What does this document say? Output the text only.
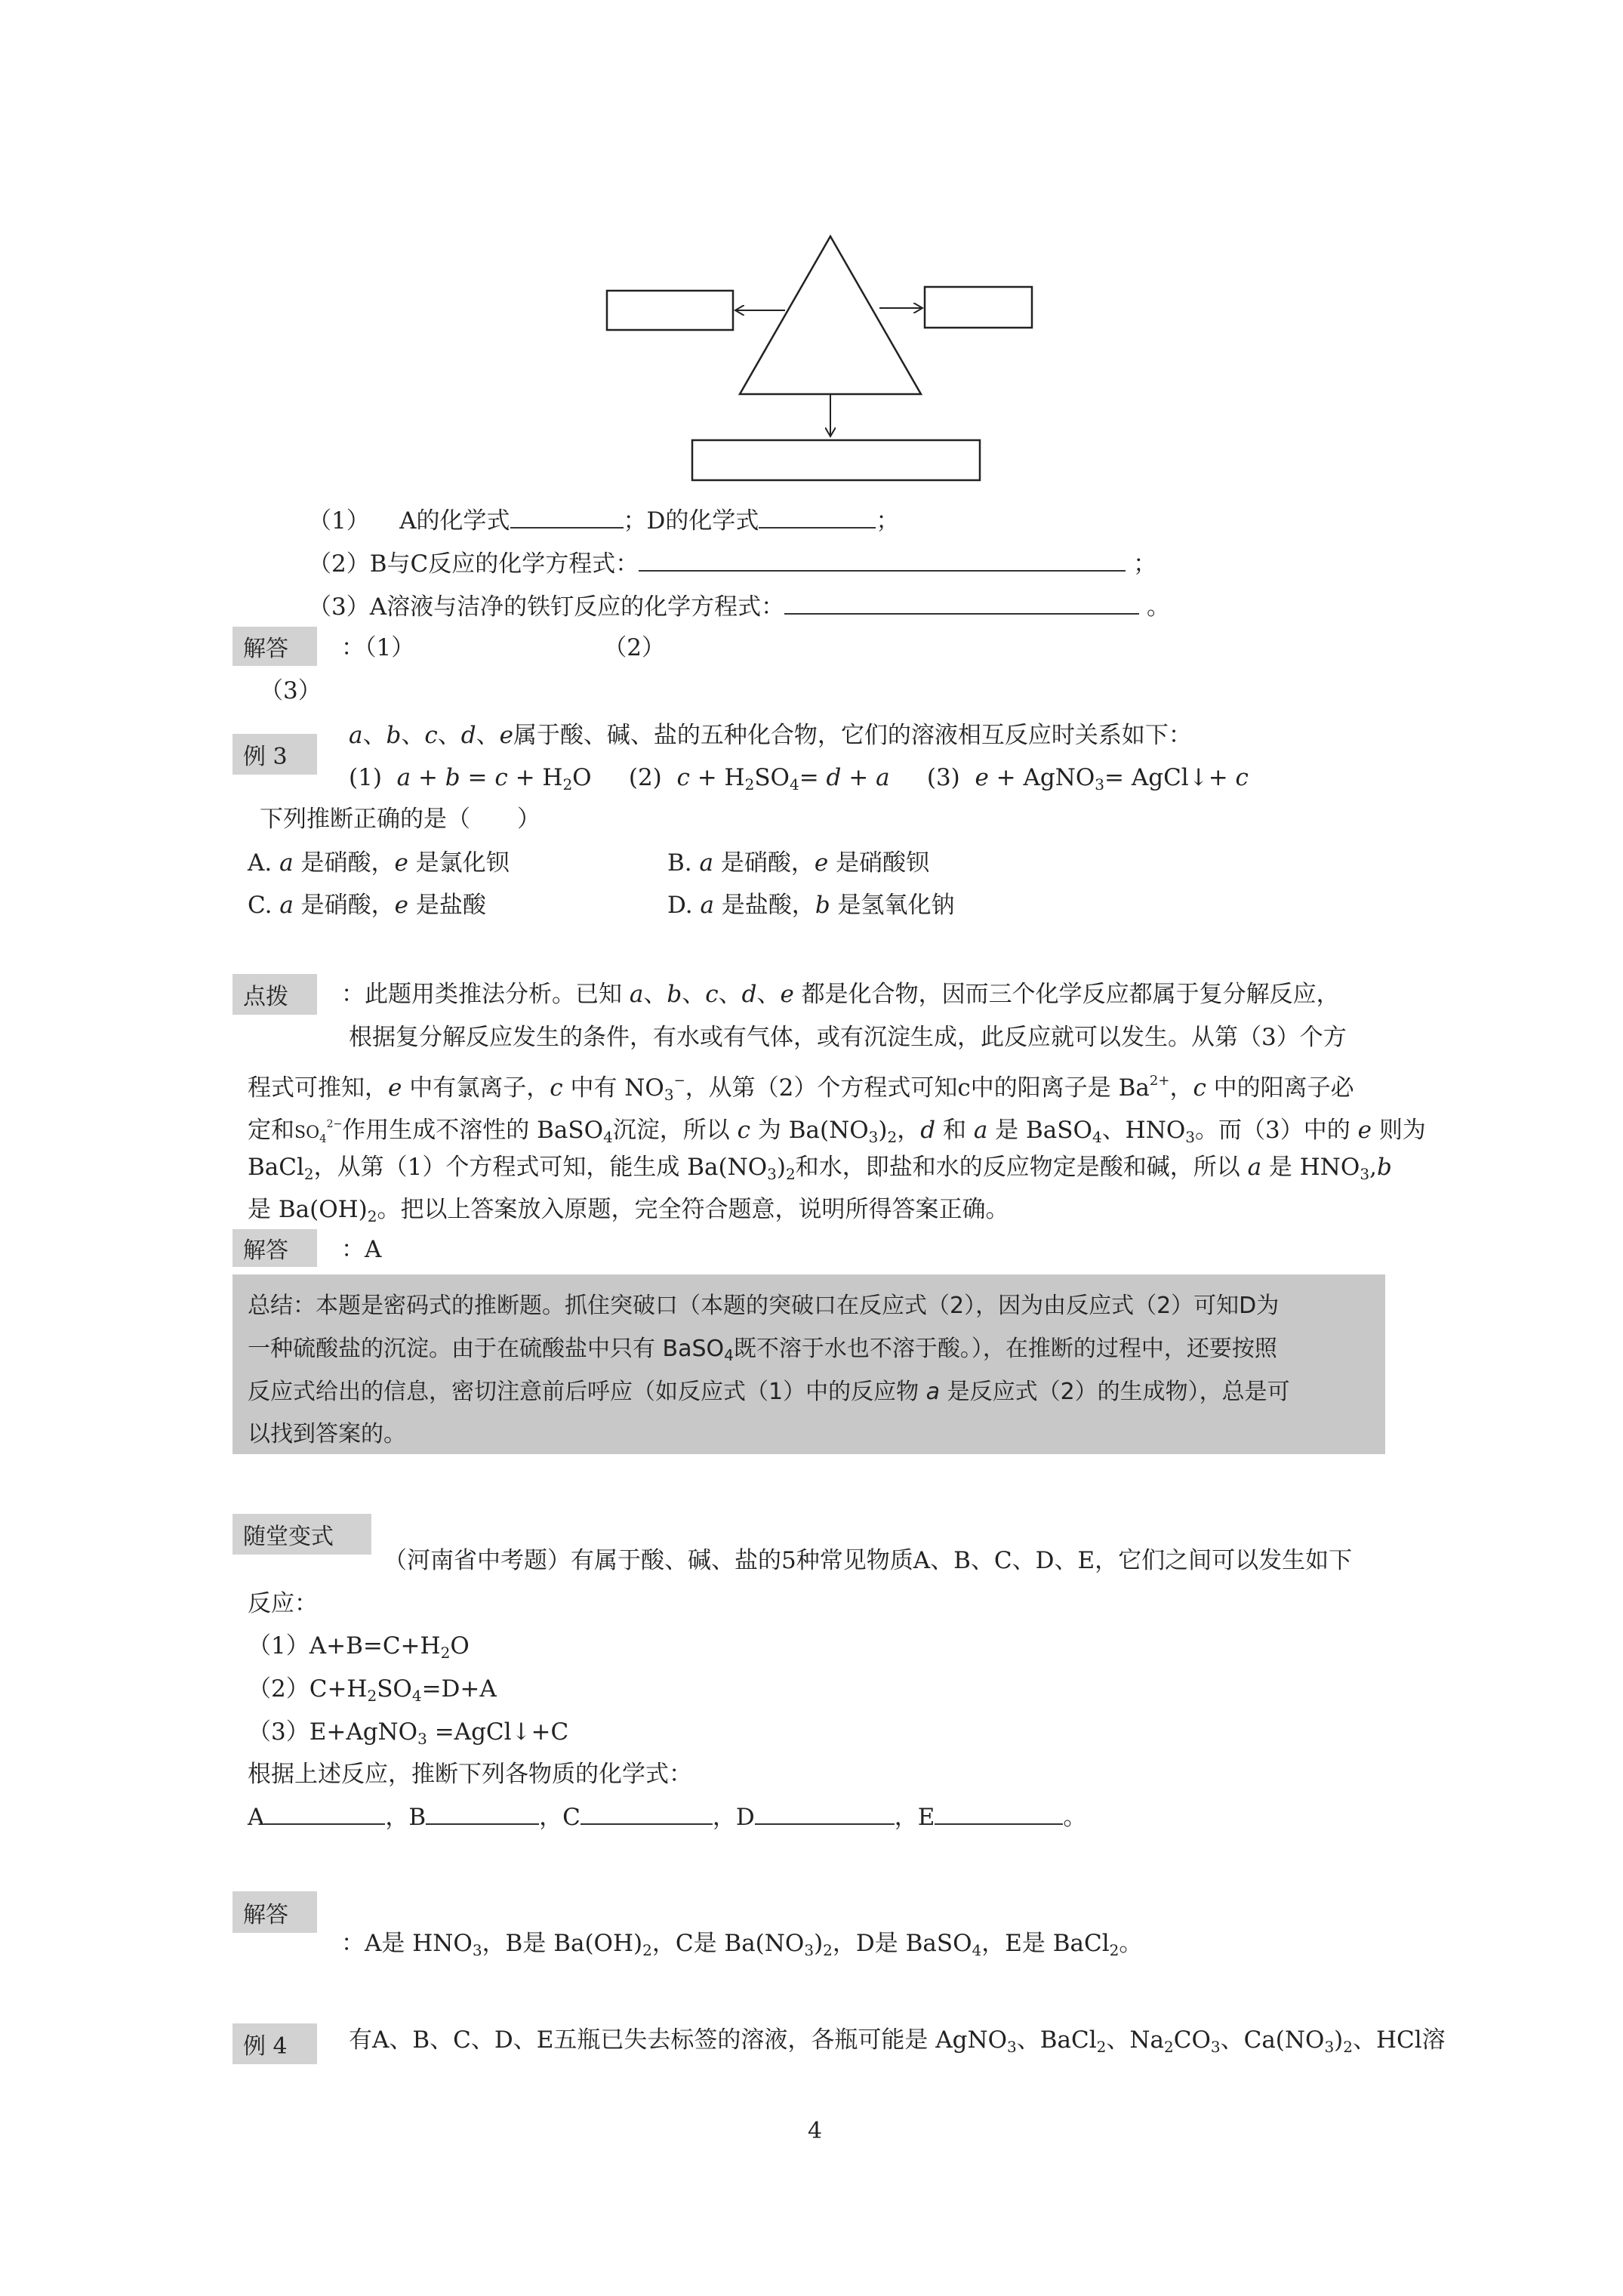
（1） A的化学式	；D的化学式	；
（2）B与C反应的化学方程式：	；
（3）A溶液与洁净的铁钉反应的化学方程式：	。
解答	：（1）	（2）
（3）
例 3
a、b、c、d、e属于酸、碱、盐的五种化合物，它们的溶液相互反应时关系如下：
(1)  $a + b = c + H_2O$     (2)  $c + H_2SO_4= d + a$     (3)  e + AgNO$_3$= AgCl↓+ c
下列推断正确的是（　　）
A. a 是硝酸，e 是氯化钡	B. a 是硝酸，e 是硝酸钡
C. a 是硝酸，e 是盐酸	D. a 是盐酸，b 是氢氧化钠
点拨	：此题用类推法分析。已知 a、b、c、d、e 都是化合物，因而三个化学反应都属于复分解反应，
根据复分解反应发生的条件，有水或有气体，或有沉淀生成，此反应就可以发生。从第（3）个方
程式可推知，e 中有氯离子，c 中有 $NO_3^-$，从第（2）个方程式可知c中的阳离子是 $Ba^{2+}$，c 中的阳离子必
定和$SO_4^{2-}$作用生成不溶性的 BaSO$_4$沉淀，所以 c 为 $Ba(NO_3)_2$，d 和 a 是 BaSO$_4$、$HNO_3$。而（3）中的 e 则为
BaCl$_2$，从第（1）个方程式可知，能生成 $Ba(NO_3)_2$和水，即盐和水的反应物定是酸和碱，所以 a 是 $HNO_3,b$
是 $Ba(OH)_2$。把以上答案放入原题，完全符合题意，说明所得答案正确。
解答	：A
总结：本题是密码式的推断题。抓住突破口（本题的突破口在反应式（2），因为由反应式（2）可知D为
一种硫酸盐的沉淀。由于在硫酸盐中只有 BaSO$_4$既不溶于水也不溶于酸。），在推断的过程中，还要按照
反应式给出的信息，密切注意前后呼应（如反应式（1）中的反应物 a 是反应式（2）的生成物），总是可
以找到答案的。
随堂变式
（河南省中考题）有属于酸、碱、盐的5种常见物质A、B、C、D、E，它们之间可以发生如下
反应：
$(1)A+B=C+H_2O$
$(2)C+H_2SO_4=D+A$
（3）E+AgNO$_3$ =AgCl↓+C
根据上述反应，推断下列各物质的化学式：
A	，B	，C	，D	，E	。
解答
：A是 $HNO_3$，B是 $Ba(OH)_2$，C是 $Ba(NO_3)_2$，D是 BaSO$_4$，E是 BaCl$_2$。
例 4	有A、B、C、D、E五瓶已失去标签的溶液，各瓶可能是 AgNO$_3$、BaCl$_2$、$Na_2CO_3$、$Ca(NO_3)_2$、HCl溶
4
